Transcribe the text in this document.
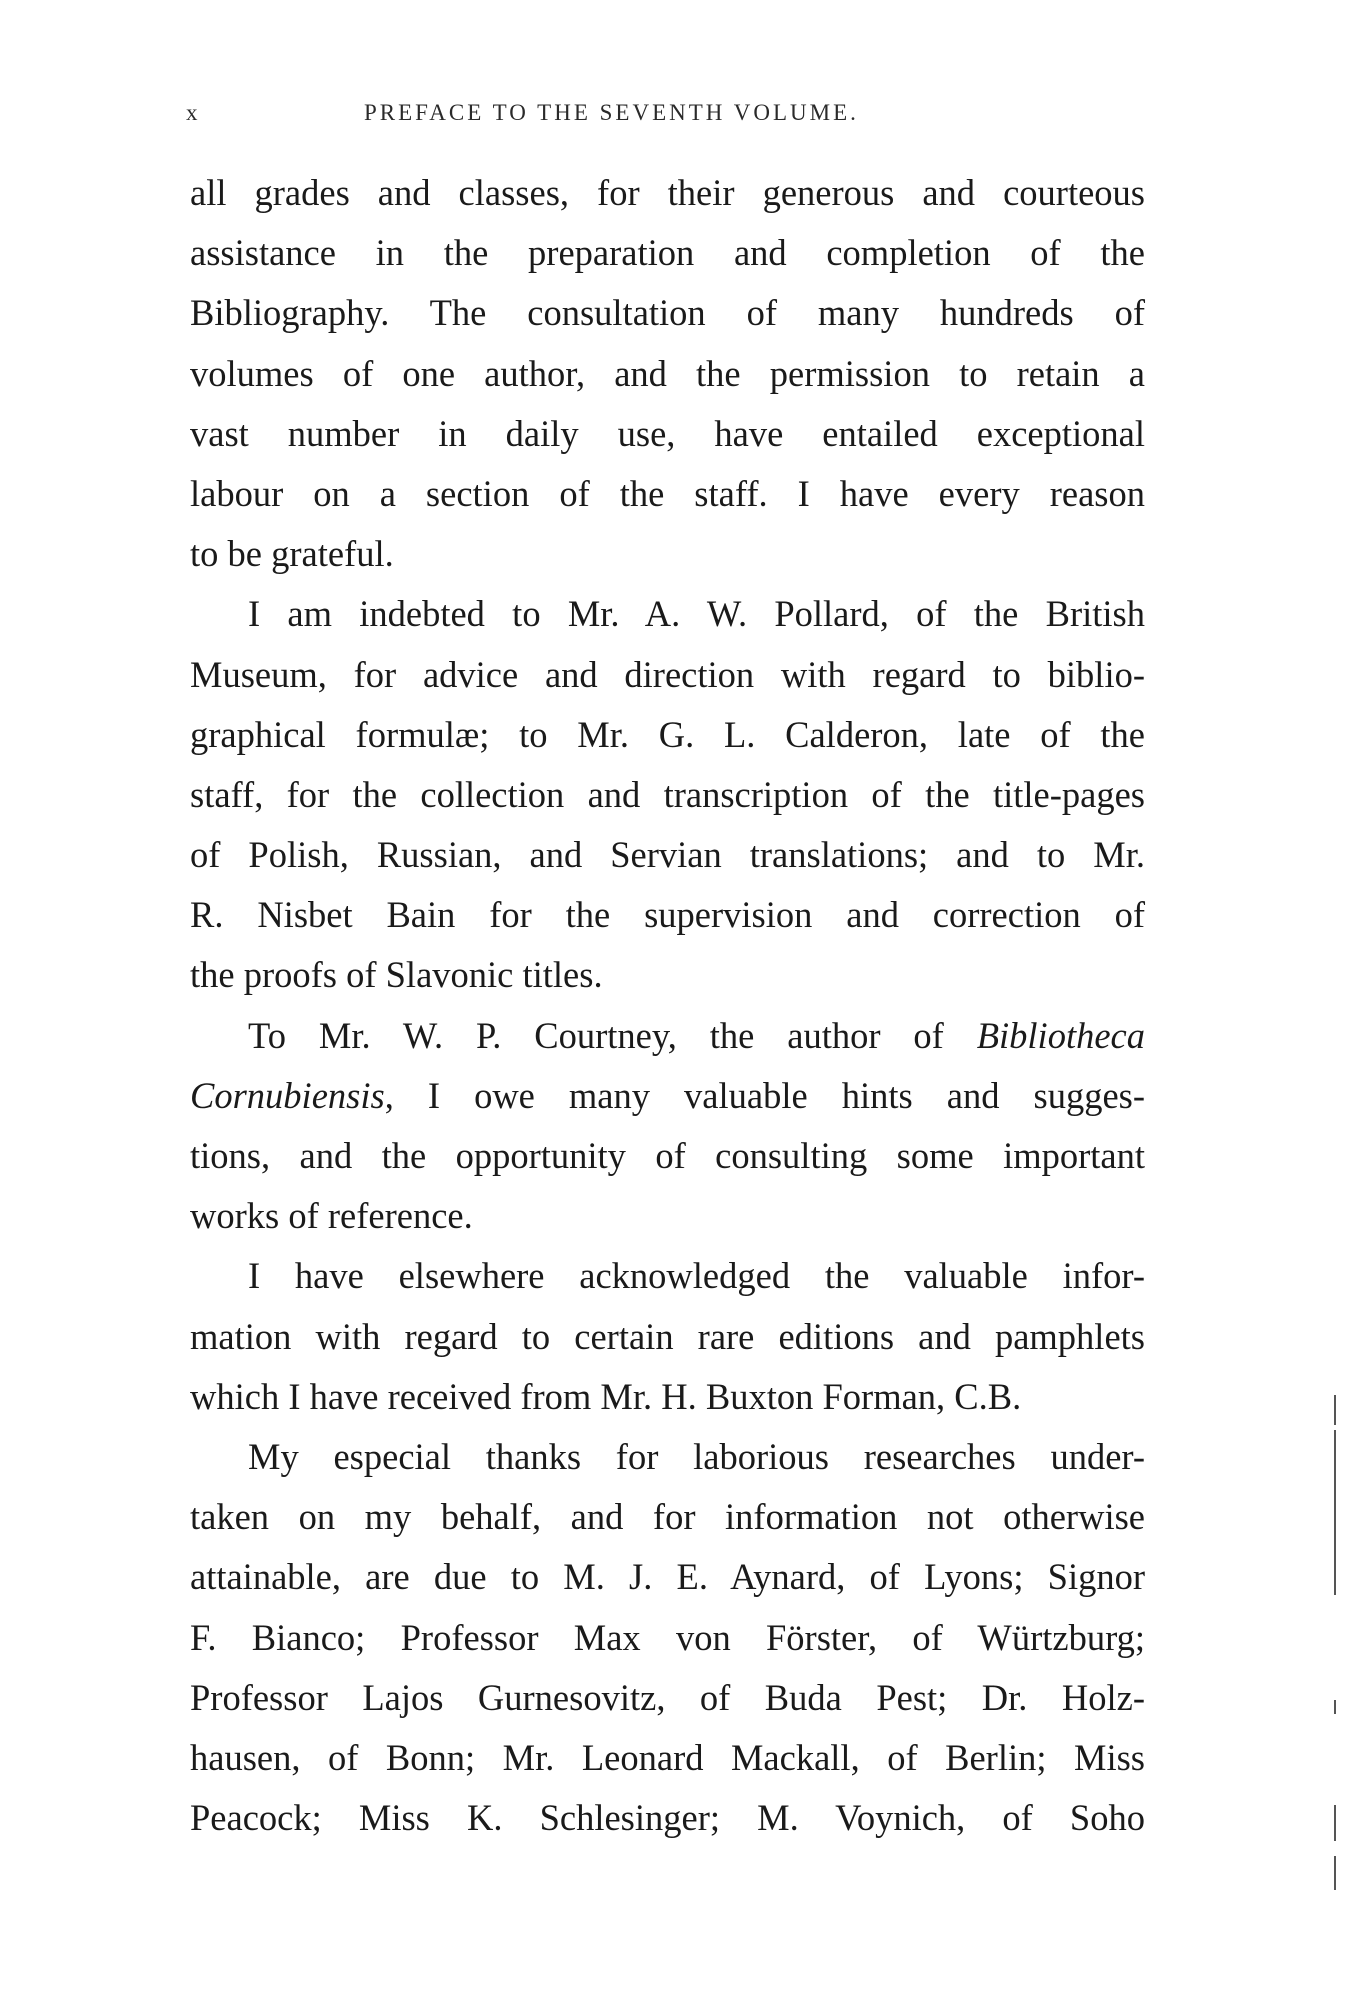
x	PREFACE TO THE SEVENTH VOLUME.
all grades and classes, for their generous and courteous
assistance in the preparation and completion of the
Bibliography. The consultation of many hundreds of
volumes of one author, and the permission to retain a
vast number in daily use, have entailed exceptional
labour on a section of the staff. I have every reason
to be grateful.
I am indebted to Mr. A. W. Pollard, of the British
Museum, for advice and direction with regard to biblio-
graphical formulæ; to Mr. G. L. Calderon, late of the
staff, for the collection and transcription of the title-pages
of Polish, Russian, and Servian translations; and to Mr.
R. Nisbet Bain for the supervision and correction of
the proofs of Slavonic titles.
To Mr. W. P. Courtney, the author of Bibliotheca
Cornubiensis, I owe many valuable hints and sugges-
tions, and the opportunity of consulting some important
works of reference.
I have elsewhere acknowledged the valuable infor-
mation with regard to certain rare editions and pamphlets
which I have received from Mr. H. Buxton Forman, C.B.
My especial thanks for laborious researches under-
taken on my behalf, and for information not otherwise
attainable, are due to M. J. E. Aynard, of Lyons; Signor
F. Bianco; Professor Max von Förster, of Würtzburg;
Professor Lajos Gurnesovitz, of Buda Pest; Dr. Holz-
hausen, of Bonn; Mr. Leonard Mackall, of Berlin; Miss
Peacock; Miss K. Schlesinger; M. Voynich, of Soho
